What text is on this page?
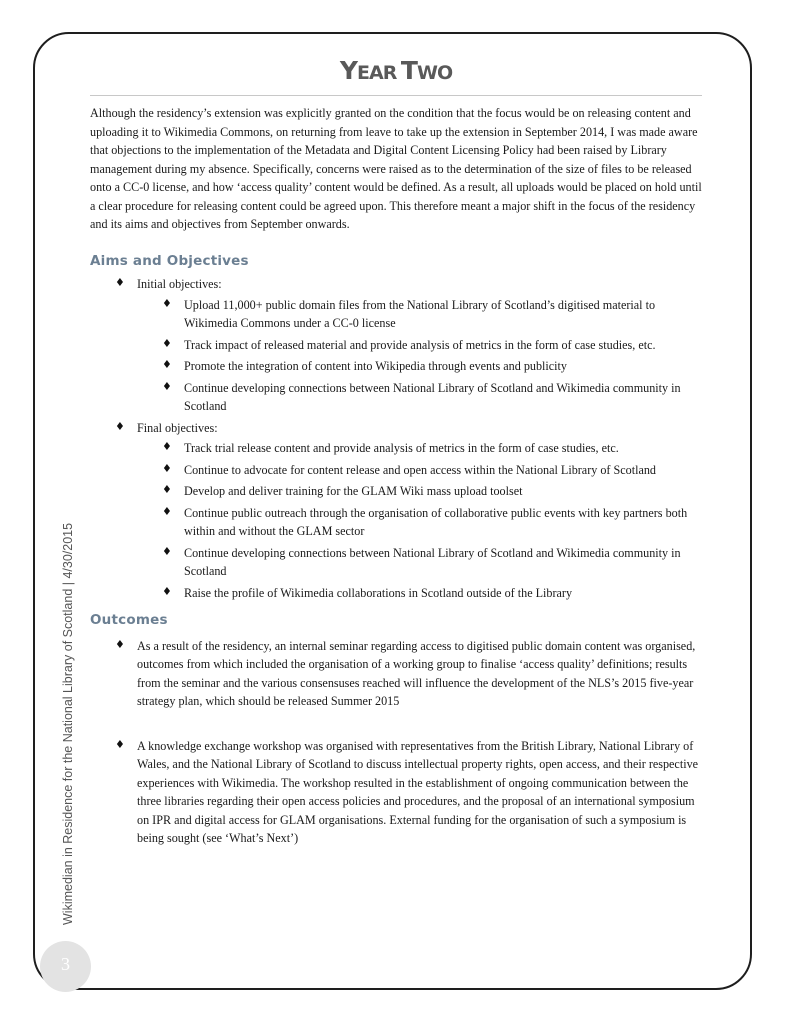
YEAR TWO

Although the residency’s extension was explicitly granted on the condition that the focus would be on releasing content and uploading it to Wikimedia Commons, on returning from leave to take up the extension in September 2014, I was made aware that objections to the implementation of the Metadata and Digital Content Licensing Policy had been raised by Library management during my absence. Specifically, concerns were raised as to the determination of the size of files to be released onto a CC-0 license, and how ‘access quality’ content would be defined. As a result, all uploads would be placed on hold until a clear procedure for releasing content could be agreed upon. This therefore meant a major shift in the focus of the residency and its aims and objectives from September onwards.

Aims and Objectives
♦ Initial objectives:
♦ Upload 11,000+ public domain files from the National Library of Scotland’s digitised material to Wikimedia Commons under a CC-0 license
♦ Track impact of released material and provide analysis of metrics in the form of case studies, etc.
♦ Promote the integration of content into Wikipedia through events and publicity
♦ Continue developing connections between National Library of Scotland and Wikimedia community in Scotland
♦ Final objectives:
♦ Track trial release content and provide analysis of metrics in the form of case studies, etc.
♦ Continue to advocate for content release and open access within the National Library of Scotland
♦ Develop and deliver training for the GLAM Wiki mass upload toolset
♦ Continue public outreach through the organisation of collaborative public events with key partners both within and without the GLAM sector
♦ Continue developing connections between National Library of Scotland and Wikimedia community in Scotland
♦ Raise the profile of Wikimedia collaborations in Scotland outside of the Library
Outcomes
♦ As a result of the residency, an internal seminar regarding access to digitised public domain content was organised, outcomes from which included the organisation of a working group to finalise ‘access quality’ definitions; results from the seminar and the various consensuses reached will influence the development of the NLS’s 2015 five-year strategy plan, which should be released Summer 2015
♦ A knowledge exchange workshop was organised with representatives from the British Library, National Library of Wales, and the National Library of Scotland to discuss intellectual property rights, open access, and their respective experiences with Wikimedia. The workshop resulted in the establishment of ongoing communication between the three libraries regarding their open access policies and procedures, and the proposal of an international symposium on IPR and digital access for GLAM organisations. External funding for the organisation of such a symposium is being sought (see ‘What’s Next’)
Wikimedian in Residence for the National Library of Scotland | 4/30/2015
3
